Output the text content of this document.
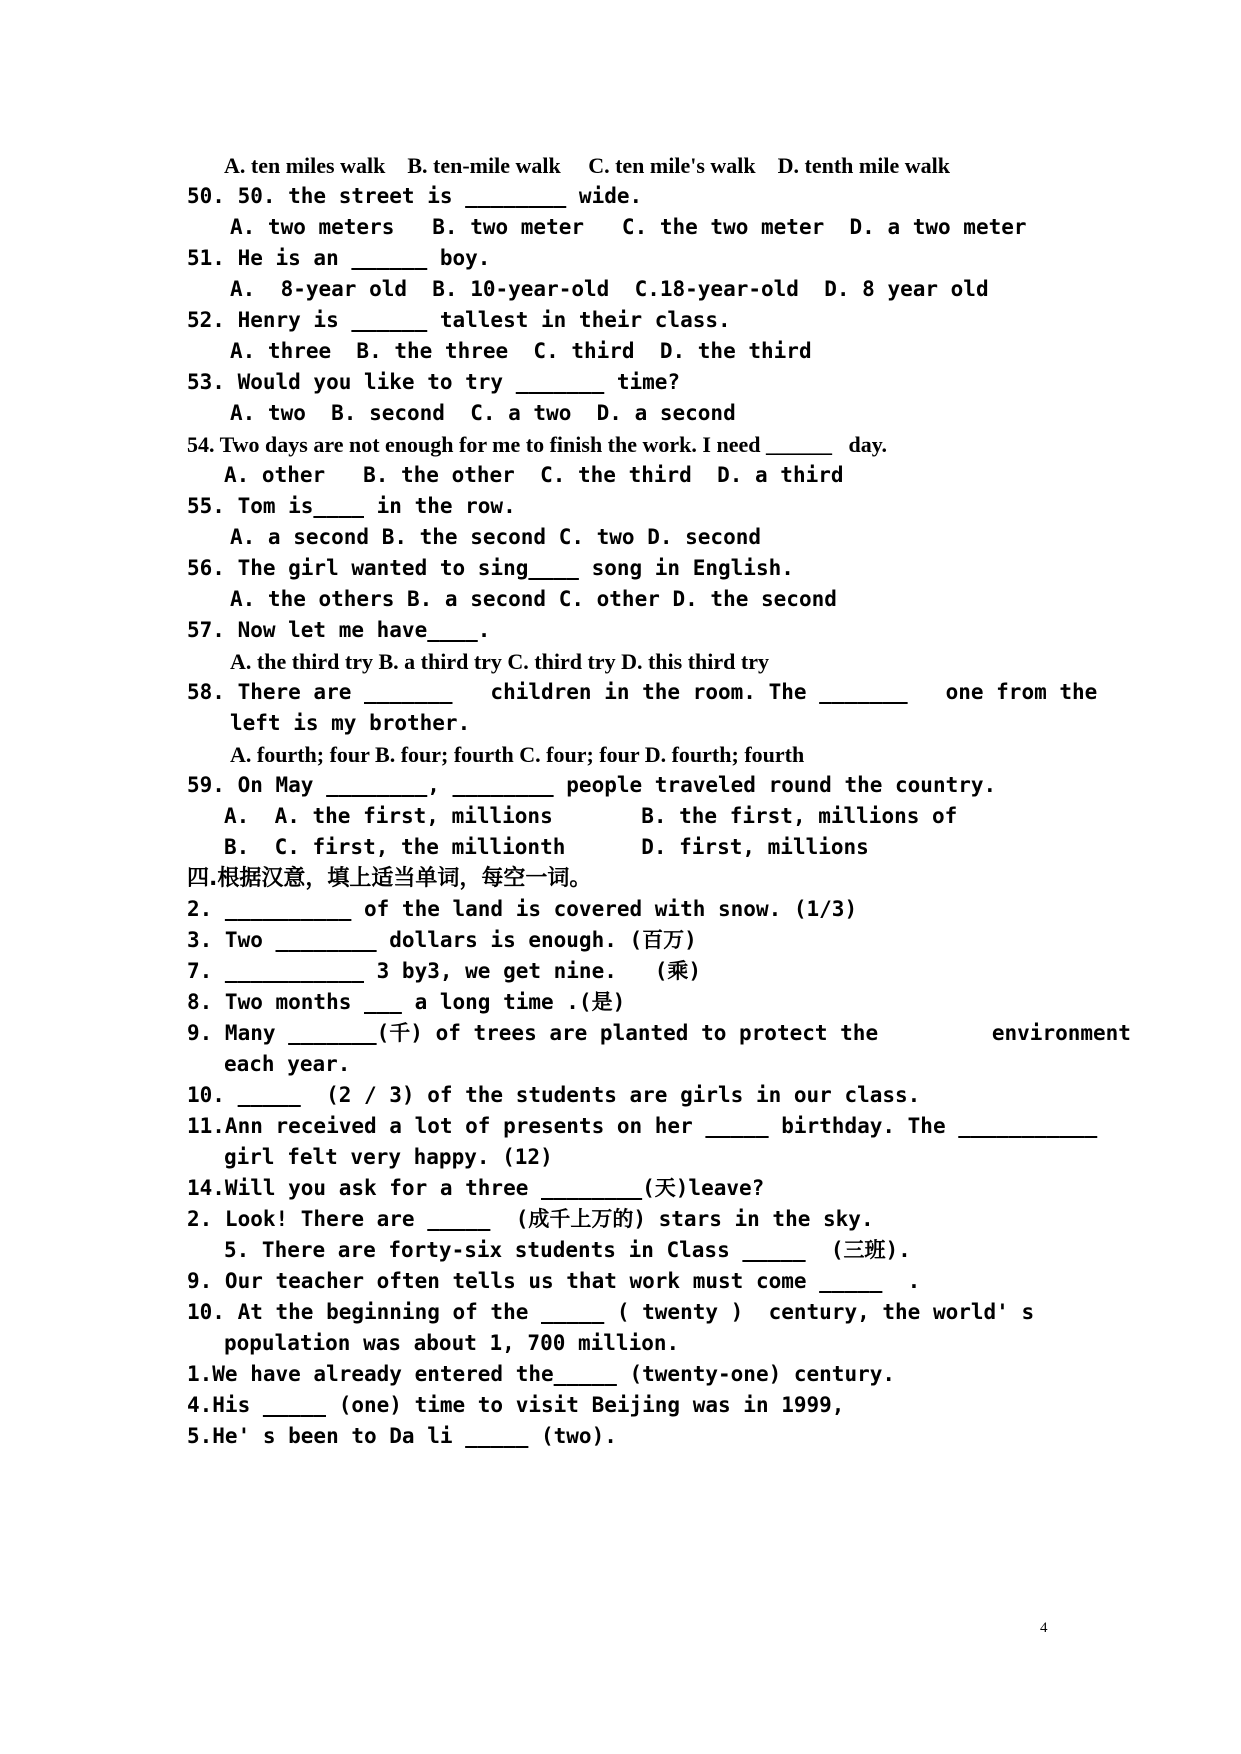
A. ten miles walk    B. ten-mile walk     C. ten mile's walk    D. tenth mile walk
50. 50. the street is ________ wide.
A. two meters   B. two meter   C. the two meter  D. a two meter
51. He is an ______ boy.
A.  8-year old  B. 10-year-old  C.18-year-old  D. 8 year old
52. Henry is ______ tallest in their class.
A. three  B. the three  C. third  D. the third
53. Would you like to try _______ time?
A. two  B. second  C. a two  D. a second
54. Two days are not enough for me to finish the work. I need ______   day.
A. other   B. the other  C. the third  D. a third
55. Tom is____ in the row.
A. a second B. the second C. two D. second
56. The girl wanted to sing____ song in English.
A. the others B. a second C. other D. the second
57. Now let me have____.
A. the third try B. a third try C. third try D. this third try
58. There are _______   children in the room. The _______   one from the
left is my brother.
A. fourth; four B. four; fourth C. four; four D. fourth; fourth
59. On May ________, ________ people traveled round the country.
A.  A. the first, millions       B. the first, millions of
B.  C. first, the millionth      D. first, millions
四.根据汉意，填上适当单词，每空一词。
2. __________ of the land is covered with snow. (1/3)
3. Two ________ dollars is enough. (百万)
7. ___________ 3 by3, we get nine.   (乘)
8. Two months ___ a long time .(是)
9. Many _______(千) of trees are planted to protect the         environment
each year.
10. _____  (2 / 3) of the students are girls in our class.
11.Ann received a lot of presents on her _____ birthday. The ___________
girl felt very happy. (12)
14.Will you ask for a three ________(天)leave?
2. Look! There are _____  (成千上万的) stars in the sky.
5. There are forty-six students in Class _____  (三班).
9. Our teacher often tells us that work must come _____  .
10. At the beginning of the _____ ( twenty )  century, the world' s
population was about 1, 700 million.
1.We have already entered the_____ (twenty-one) century.
4.His _____ (one) time to visit Beijing was in 1999,
5.He' s been to Da li _____ (two).
4
